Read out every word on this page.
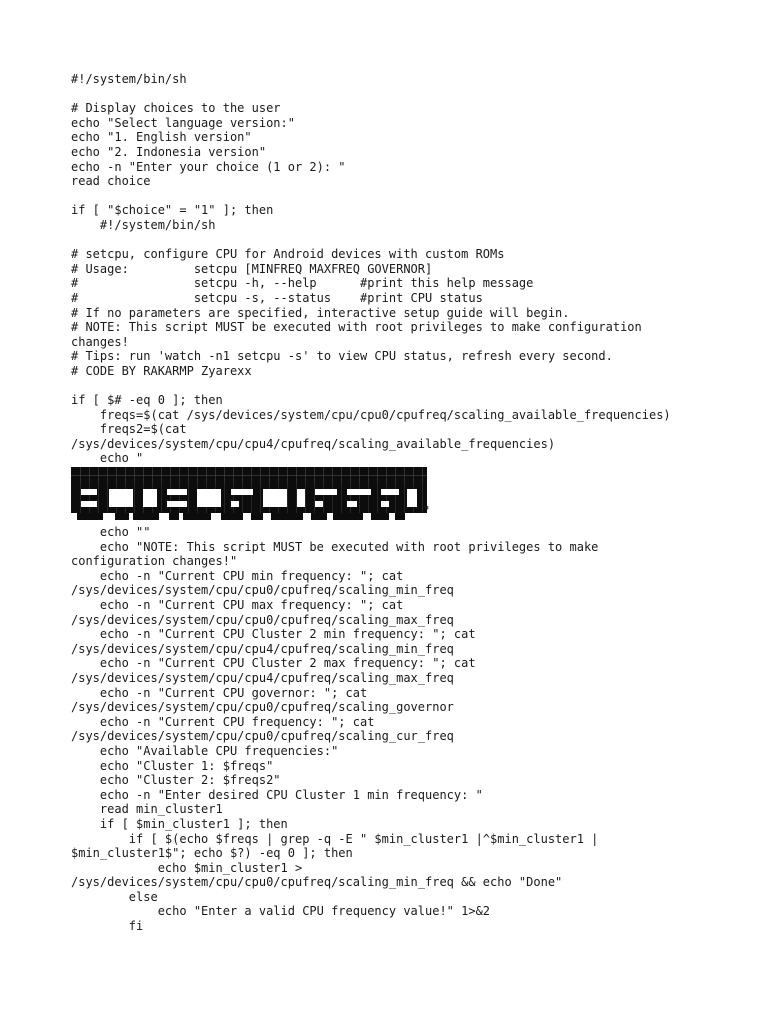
#!/system/bin/sh
# Display choices to the user
echo "Select language version:"
echo "1. English version"
echo "2. Indonesia version"
echo -n "Enter your choice (1 or 2): "
read choice
if [ "$choice" = "1" ]; then
#!/system/bin/sh
# setcpu, configure CPU for Android devices with custom ROMs
# Usage:         setcpu [MINFREQ MAXFREQ GOVERNOR]
#                setcpu -h, --help      #print this help message
#                setcpu -s, --status    #print CPU status
# If no parameters are specified, interactive setup guide will begin.
# NOTE: This script MUST be executed with root privileges to make configuration
changes!
# Tips: run 'watch -n1 setcpu -s' to view CPU status, refresh every second.
# CODE BY RAKARMP Zyarexx
if [ $# -eq 0 ]; then
freqs=$(cat /sys/devices/system/cpu/cpu0/cpufreq/scaling_available_frequencies)
freqs2=$(cat
/sys/devices/system/cpu/cpu4/cpufreq/scaling_available_frequencies)
echo "
"
echo ""
echo "NOTE: This script MUST be executed with root privileges to make
configuration changes!"
echo -n "Current CPU min frequency: "; cat
/sys/devices/system/cpu/cpu0/cpufreq/scaling_min_freq
echo -n "Current CPU max frequency: "; cat
/sys/devices/system/cpu/cpu0/cpufreq/scaling_max_freq
echo -n "Current CPU Cluster 2 min frequency: "; cat
/sys/devices/system/cpu/cpu4/cpufreq/scaling_min_freq
echo -n "Current CPU Cluster 2 max frequency: "; cat
/sys/devices/system/cpu/cpu4/cpufreq/scaling_max_freq
echo -n "Current CPU governor: "; cat
/sys/devices/system/cpu/cpu0/cpufreq/scaling_governor
echo -n "Current CPU frequency: "; cat
/sys/devices/system/cpu/cpu0/cpufreq/scaling_cur_freq
echo "Available CPU frequencies:"
echo "Cluster 1: $freqs"
echo "Cluster 2: $freqs2"
echo -n "Enter desired CPU Cluster 1 min frequency: "
read min_cluster1
if [ $min_cluster1 ]; then
if [ $(echo $freqs | grep -q -E " $min_cluster1 |^$min_cluster1 |
$min_cluster1$"; echo $?) -eq 0 ]; then
echo $min_cluster1 >
/sys/devices/system/cpu/cpu0/cpufreq/scaling_min_freq && echo "Done"
else
echo "Enter a valid CPU frequency value!" 1>&2
fi
